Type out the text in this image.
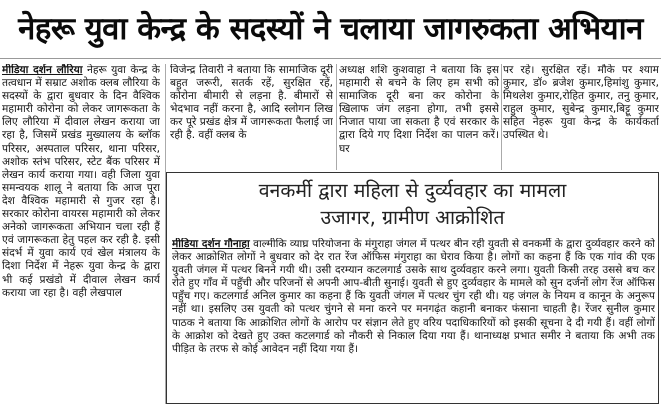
नेहरू युवा केन्द्र के सदस्यों ने चलाया जागरुकता अभियान
मीडिया दर्शन लौरिया नेहरू युवा केन्द्र के तत्वधान में सम्राट अशोक क्लब लौरिया के सदस्यों के द्वारा बुधवार के दिन वैश्विक महामारी कोरोना को लेकर जागरूकता के लिए लौरिया में दीवाल लेखन कराया जा रहा है, जिसमें प्रखंड मुख्यालय के ब्लॉक परिसर, अस्पताल परिसर, थाना परिसर, अशोक स्तंभ परिसर, स्टेट बैंक परिसर में लेखन कार्य कराया गया। वही जिला युवा समन्वयक शालू ने बताया कि आज पूरा देश वैश्विक महामारी से गुजर रहा है। सरकार कोरोना वायरस महामारी को लेकर अनेको जागरूकता अभियान चला रही हैं एवं जागरूकता हेतु पहल कर रही है. इसी संदर्भ में युवा कार्य एवं खेल मंत्रालय के दिशा निर्देश में नेहरू युवा केन्द्र के द्वारा भी कई प्रखंडो में दीवाल लेखन कार्य कराया जा रहा है। वही लेखपाल
विजेन्द्र तिवारी ने बताया कि सामाजिक दूरी बहुत जरूरी, सतर्क रहें, सुरक्षित रहें, कोरोना बीमारी से लड़ना है. बीमारों से भेदभाव नहीं करना है, आदि स्लोगन लिख कर पूरे प्रखंड क्षेत्र में जागरूकता फैलाई जा रही है. वहीं क्लब के
अध्यक्ष शशि कुशवाहा ने बताया कि इस महामारी से बचने के लिए हम सभी को सामाजिक दूरी बना कर कोरोना के खिलाफ जंग लड़ना होगा, तभी इससे निजात पाया जा सकता है एवं सरकार के द्वारा दिये गए दिशा निर्देश का पालन करें। घर
पर रहे। सुरक्षित रहें। मौके पर श्याम कुमार, डॉ० ब्रजेश कुमार,हिमांशु कुमार, मिथलेश कुमार,रोहित कुमार, तनु कुमार, राहुल कुमार, सुबेन्द्र कुमार,बिट्टू कुमार सहित नेहरू युवा केन्द्र के कार्यकर्ता उपस्थित थे।
वनकर्मी द्वारा महिला से दुर्व्यवहार का मामला
उजागर, ग्रामीण आक्रोशित
मीडिया दर्शन गौनाहा वाल्मीकि व्याघ्र परियोजना के मंगुराहा जंगल में पत्थर बीन रही युवती से वनकर्मी के द्वारा दुर्व्यवहार करने को लेकर आक्रोशित लोगों ने बुधवार को देर रात रेंज ऑफिस मंगुराहा का घेराव किया है। लोगों का कहना हैं कि एक गांव की एक युवती जंगल में पत्थर बिनने गयी थी। उसी दरम्यान कटलगार्ड उसके साथ दुर्व्यवहार करने लगा। युवती किसी तरह उससे बच कर रोते हुए गाँव में पहुँची और परिजनों से अपनी आप-बीती सुनाई। युवती से हुए दुर्व्यवहार के मामले को सुन दर्जनों लोग रेंज ऑफिस पहुँच गए। कटलगार्ड अनिल कुमार का कहना हैं कि युवती जंगल में पत्थर चुंग रही थी। यह जंगल के नियम व कानून के अनुरूप नहीं था। इसलिए उस युवती को पत्थर चुंगने से मना करने पर मनगढ़ंत कहानी बनाकर फंसाना चाहती है। रेंजर सुनील कुमार पाठक ने बताया कि आक्रोशित लोगों के आरोप पर संज्ञान लेते हुए वरिय पदाधिकारियों को इसकी सूचना दे दी गयी हैं। वहीं लोगों के आक्रोश को देखते हुए उक्त कटलगार्ड को नौकरी से निकाल दिया गया हैं। थानाध्यक्ष प्रभात समीर ने बताया कि अभी तक पीड़ित के तरफ से कोई आवेदन नहीं दिया गया हैं।
